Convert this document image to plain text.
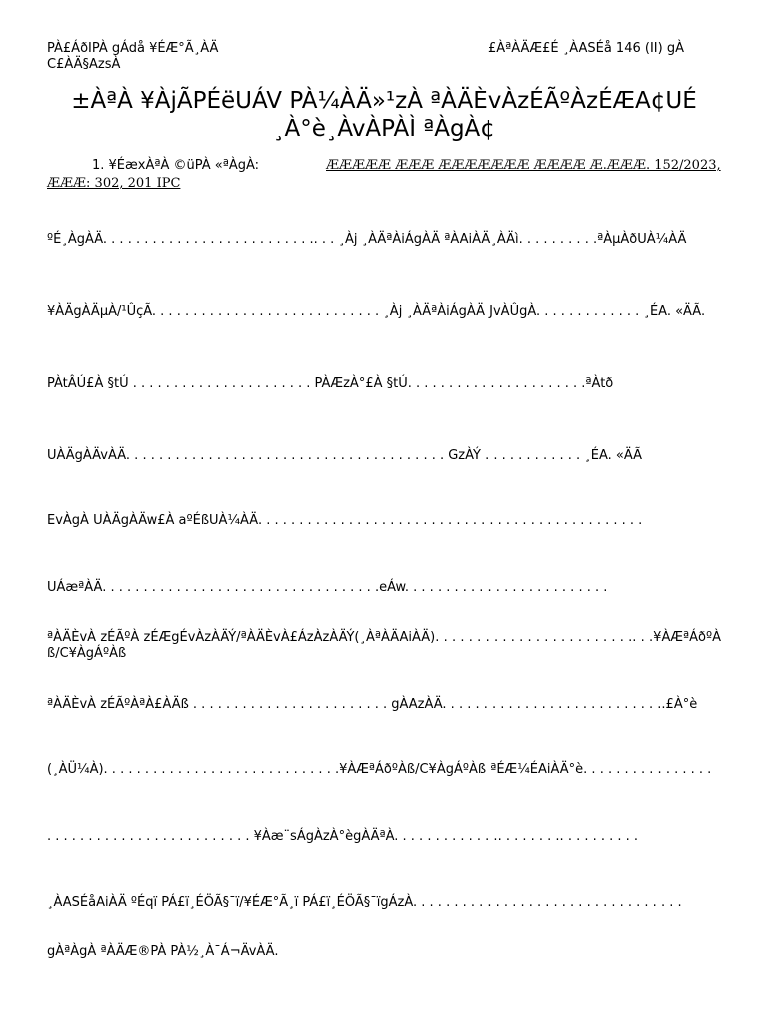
PÀ£ÁðIPÀ gÁdå ¥ÉÆ°Ã¸ÀÄ C£ÀÄ§AzsÀ
£ÀªÀÄÆ£É ¸ÀASÉå 146 (II) gÀ
±ÀªÀ ¥ÀjÃPÉëUÁV PÀ¼ÀÄ»¹zÀ ªÀÄÈvÀzÉÃºÀzÉÆA¢UÉ ¸À°è¸ÀvÀPÀÌ ªÀgÀ¢
1. ¥ÉæxÀªÀ ©üPÀ «ªÀgÀ:	ÆÆÆÆÆ ÆÆÆ ÆÆÆÆÆÆÆ ÆÆÆÆ Æ.ÆÆÆ. 152/2023, ÆÆÆ: 302, 201 IPC
ºÉ¸ÀgÀÄ. . . . . . . . . . . . . . . . . . . . . . . . . .. . . ¸Àj ¸ÀÄªÀiÁgÀÄ ªÀAiÀÄ¸ÀÄì. . . . . . . . . .ªÀµÀðUÀ¼ÀÄ
¥ÀÄgÀÄµÀ/¹ÛçÃ. . . . . . . . . . . . . . . . . . . . . . . . . . . . ¸Àj ¸ÀÄªÀiÁgÀÄ JvÀÛgÀ. . . . . . . . . . . . . ¸ÉA. «ÄÃ.
PÀtÂÚ£À §tÚ . . . . . . . . . . . . . . . . . . . . . . PÀÆzÀ°£À §tÚ. . . . . . . . . . . . . . . . . . . . . .ªÀtð
UÀÄgÀÄvÀÄ. . . . . . . . . . . . . . . . . . . . . . . . . . . . . . . . . . . . . . . GzÀÝ . . . . . . . . . . . . ¸ÉA. «ÄÃ
EvÀgÀ UÀÄgÀÄw£À aºÉßUÀ¼ÀÄ. . . . . . . . . . . . . . . . . . . . . . . . . . . . . . . . . . . . . . . . . . . . . . .
UÁæªÀÄ. . . . . . . . . . . . . . . . . . . . . . . . . . . . . . . . . .eÁw. . . . . . . . . . . . . . . . . . . . . . . . .
ªÀÄÈvÀ zÉÃºÀ zÉÆgÉvÀzÀÄÝ/ªÀÄÈvÀ£ÁzÀzÀÄÝ(¸ÀªÀÄAiÀÄ). . . . . . . . . . . . . . . . . . . . . . . .. . .¥ÀÆªÁðºÀß/C¥ÀgÁºÀß
ªÀÄÈvÀ zÉÃºÀªÀ£ÀÄß . . . . . . . . . . . . . . . . . . . . . . . . gÀAzÀÄ. . . . . . . . . . . . . . . . . . . . . . . . . . ..£À°è
(¸ÀÜ¼À). . . . . . . . . . . . . . . . . . . . . . . . . . . . .¥ÀÆªÁðºÀß/C¥ÀgÁºÀß ªÉÆ¼ÉAiÀÄ°è. . . . . . . . . . . . . . . .
. . . . . . . . . . . . . . . . . . . . . . . . . ¥Àæ¨sÁgÀzÀ°ègÀÄªÀ. . . . . . . . . . . . .. . . . . . . .. . . . . . . . . .
¸ÀASÉåAiÀÄ ºÉqï PÁ£ï¸ÉÖÃ§¯ï/¥ÉÆ°Ã¸ï PÁ£ï¸ÉÖÃ§¯ïgÁzÀ. . . . . . . . . . . . . . . . . . . . . . . . . . . . . . . . .
gÀªÀgÀ ªÀÄÆ®PÀ PÀ½¸À¯Á¬ÄvÀÄ.
